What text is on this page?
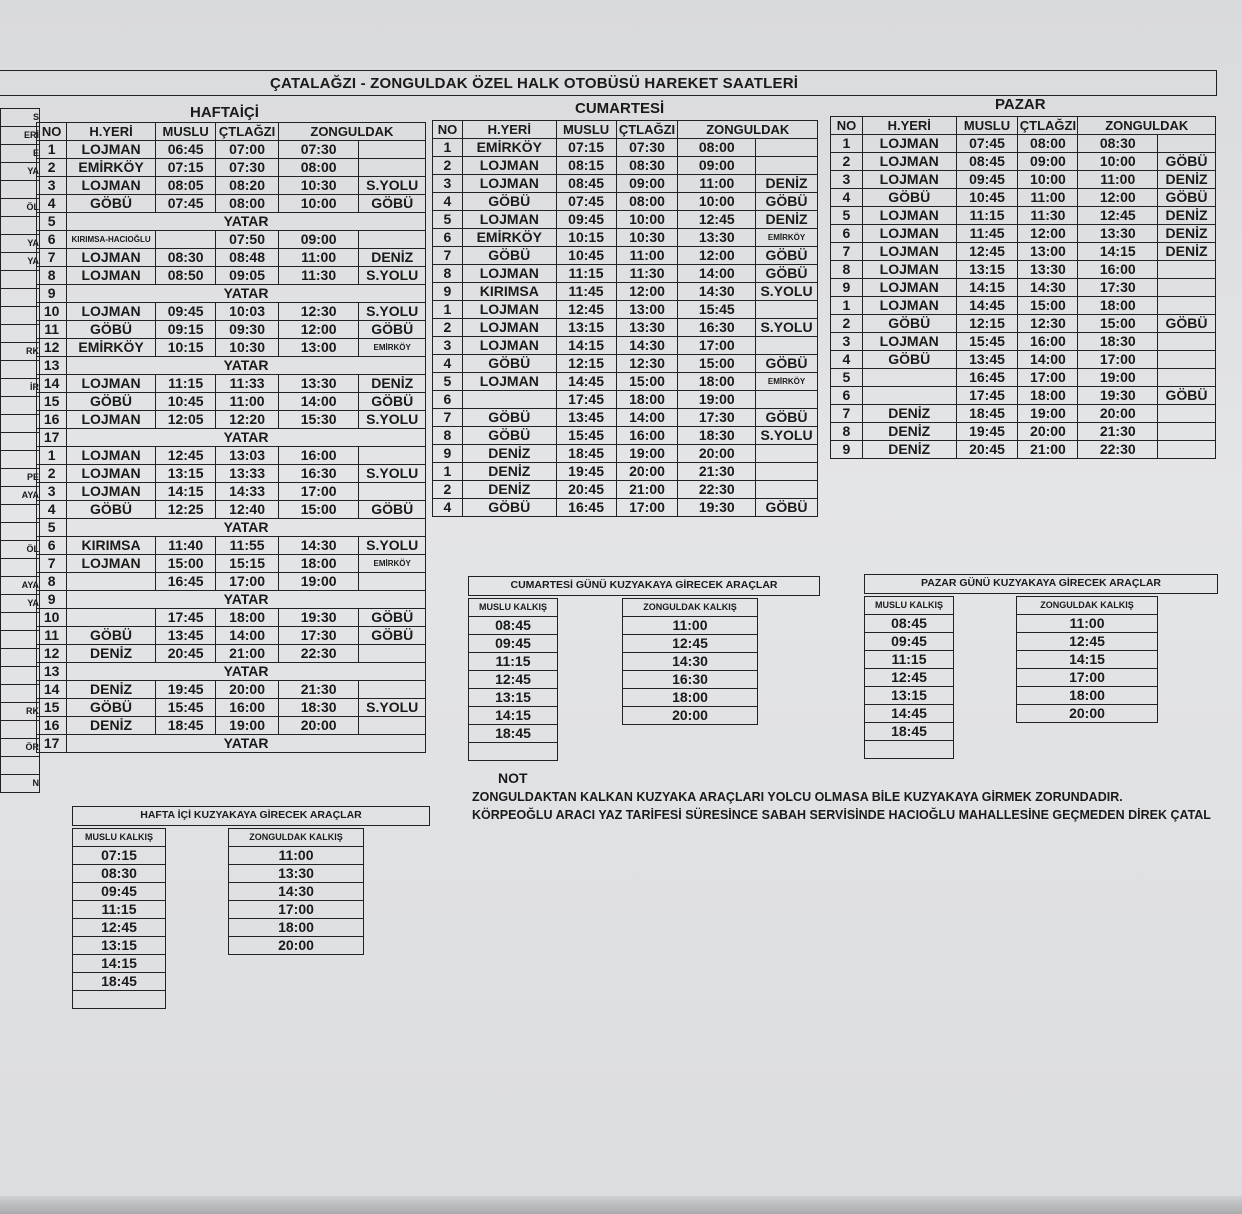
ÇATALAĞZI - ZONGULDAK ÖZEL HALK OTOBÜSÜ HAREKET SAATLERİ
S
ERİ
E
YA

ÖL

YA
YA

RK

İR

PE
AYA

ÖL

AYA
YA

RK

ÖR

N
HAFTAİÇİ
NO	H.YERİ	MUSLU	ÇTLAĞZI	ZONGULDAK	
1	LOJMAN	06:45	07:00	07:30	
2	EMİRKÖY	07:15	07:30	08:00	
3	LOJMAN	08:05	08:20	10:30	S.YOLU
4	GÖBÜ	07:45	08:00	10:00	GÖBÜ
5	YATAR				
6	KIRIMSA-HACIOĞLU		07:50	09:00	
7	LOJMAN	08:30	08:48	11:00	DENİZ
8	LOJMAN	08:50	09:05	11:30	S.YOLU
9	YATAR				
10	LOJMAN	09:45	10:03	12:30	S.YOLU
11	GÖBÜ	09:15	09:30	12:00	GÖBÜ
12	EMİRKÖY	10:15	10:30	13:00	EMİRKÖY
13	YATAR				
14	LOJMAN	11:15	11:33	13:30	DENİZ
15	GÖBÜ	10:45	11:00	14:00	GÖBÜ
16	LOJMAN	12:05	12:20	15:30	S.YOLU
17	YATAR				
1	LOJMAN	12:45	13:03	16:00	
2	LOJMAN	13:15	13:33	16:30	S.YOLU
3	LOJMAN	14:15	14:33	17:00	
4	GÖBÜ	12:25	12:40	15:00	GÖBÜ
5	YATAR				
6	KIRIMSA	11:40	11:55	14:30	S.YOLU
7	LOJMAN	15:00	15:15	18:00	EMİRKÖY
8		16:45	17:00	19:00	
9	YATAR				
10		17:45	18:00	19:30	GÖBÜ
11	GÖBÜ	13:45	14:00	17:30	GÖBÜ
12	DENİZ	20:45	21:00	22:30	
13	YATAR				
14	DENİZ	19:45	20:00	21:30	
15	GÖBÜ	15:45	16:00	18:30	S.YOLU
16	DENİZ	18:45	19:00	20:00	
17	YATAR				
CUMARTESİ
NO	H.YERİ	MUSLU	ÇTLAĞZI	ZONGULDAK	
1	EMİRKÖY	07:15	07:30	08:00	
2	LOJMAN	08:15	08:30	09:00	
3	LOJMAN	08:45	09:00	11:00	DENİZ
4	GÖBÜ	07:45	08:00	10:00	GÖBÜ
5	LOJMAN	09:45	10:00	12:45	DENİZ
6	EMİRKÖY	10:15	10:30	13:30	EMİRKÖY
7	GÖBÜ	10:45	11:00	12:00	GÖBÜ
8	LOJMAN	11:15	11:30	14:00	GÖBÜ
9	KIRIMSA	11:45	12:00	14:30	S.YOLU
1	LOJMAN	12:45	13:00	15:45	
2	LOJMAN	13:15	13:30	16:30	S.YOLU
3	LOJMAN	14:15	14:30	17:00	
4	GÖBÜ	12:15	12:30	15:00	GÖBÜ
5	LOJMAN	14:45	15:00	18:00	EMİRKÖY
6		17:45	18:00	19:00	
7	GÖBÜ	13:45	14:00	17:30	GÖBÜ
8	GÖBÜ	15:45	16:00	18:30	S.YOLU
9	DENİZ	18:45	19:00	20:00	
1	DENİZ	19:45	20:00	21:30	
2	DENİZ	20:45	21:00	22:30	
4	GÖBÜ	16:45	17:00	19:30	GÖBÜ
PAZAR
NO	H.YERİ	MUSLU	ÇTLAĞZI	ZONGULDAK	
1	LOJMAN	07:45	08:00	08:30	
2	LOJMAN	08:45	09:00	10:00	GÖBÜ
3	LOJMAN	09:45	10:00	11:00	DENİZ
4	GÖBÜ	10:45	11:00	12:00	GÖBÜ
5	LOJMAN	11:15	11:30	12:45	DENİZ
6	LOJMAN	11:45	12:00	13:30	DENİZ
7	LOJMAN	12:45	13:00	14:15	DENİZ
8	LOJMAN	13:15	13:30	16:00	
9	LOJMAN	14:15	14:30	17:30	
1	LOJMAN	14:45	15:00	18:00	
2	GÖBÜ	12:15	12:30	15:00	GÖBÜ
3	LOJMAN	15:45	16:00	18:30	
4	GÖBÜ	13:45	14:00	17:00	
5		16:45	17:00	19:00	
6		17:45	18:00	19:30	GÖBÜ
7	DENİZ	18:45	19:00	20:00	
8	DENİZ	19:45	20:00	21:30	
9	DENİZ	20:45	21:00	22:30	
HAFTA İÇİ KUZYAKAYA GİRECEK ARAÇLAR
MUSLU KALKIŞ
07:15
08:30
09:45
11:15
12:45
13:15
14:15
18:45

ZONGULDAK KALKIŞ
11:00
13:30
14:30
17:00
18:00
20:00
CUMARTESİ GÜNÜ KUZYAKAYA GİRECEK ARAÇLAR
MUSLU KALKIŞ
08:45
09:45
11:15
12:45
13:15
14:15
18:45

ZONGULDAK KALKIŞ
11:00
12:45
14:30
16:30
18:00
20:00
PAZAR GÜNÜ KUZYAKAYA GİRECEK ARAÇLAR
MUSLU KALKIŞ
08:45
09:45
11:15
12:45
13:15
14:45
18:45

ZONGULDAK KALKIŞ
11:00
12:45
14:15
17:00
18:00
20:00
NOT
ZONGULDAKTAN KALKAN KUZYAKA ARAÇLARI YOLCU OLMASA BİLE KUZYAKAYA GİRMEK ZORUNDADIR.
KÖRPEOĞLU ARACI YAZ TARİFESİ SÜRESİNCE SABAH SERVİSİNDE HACIOĞLU MAHALLESİNE GEÇMEDEN DİREK ÇATAL
